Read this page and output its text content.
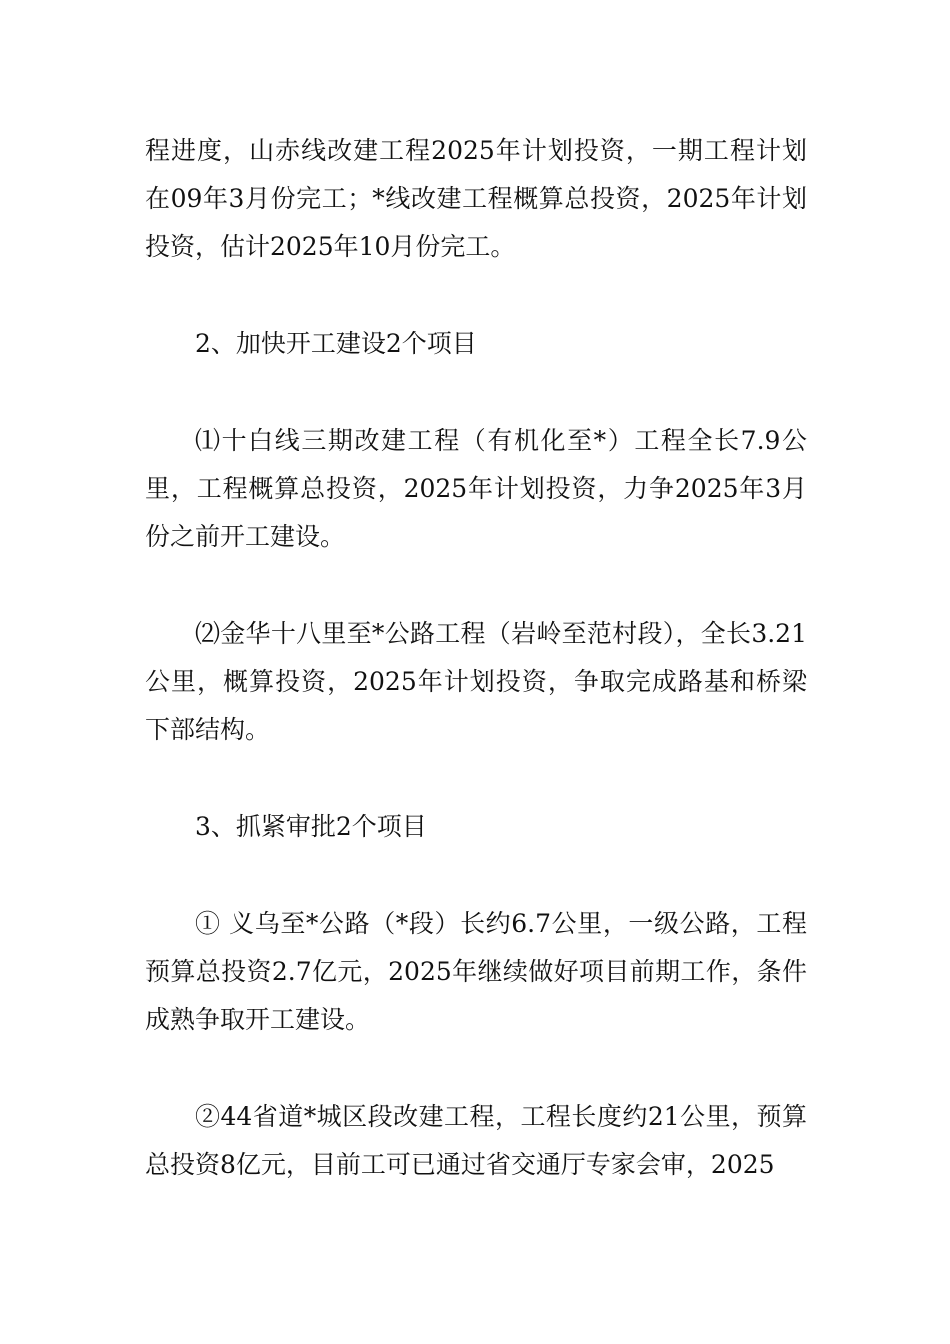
程进度，山赤线改建工程2025年计划投资，一期工程计划在09年3月份完工；*线改建工程概算总投资，2025年计划投资，估计2025年10月份完工。

2、加快开工建设2个项目

⑴十白线三期改建工程（有机化至*）工程全长7.9公里，工程概算总投资，2025年计划投资，力争2025年3月份之前开工建设。

⑵金华十八里至*公路工程（岩岭至范村段），全长3.21公里，概算投资，2025年计划投资，争取完成路基和桥梁下部结构。

3、抓紧审批2个项目

① 义乌至*公路（*段）长约6.7公里，一级公路，工程预算总投资2.7亿元，2025年继续做好项目前期工作，条件成熟争取开工建设。

②44省道*城区段改建工程，工程长度约21公里，预算总投资8亿元，目前工可已通过省交通厅专家会审，2025
